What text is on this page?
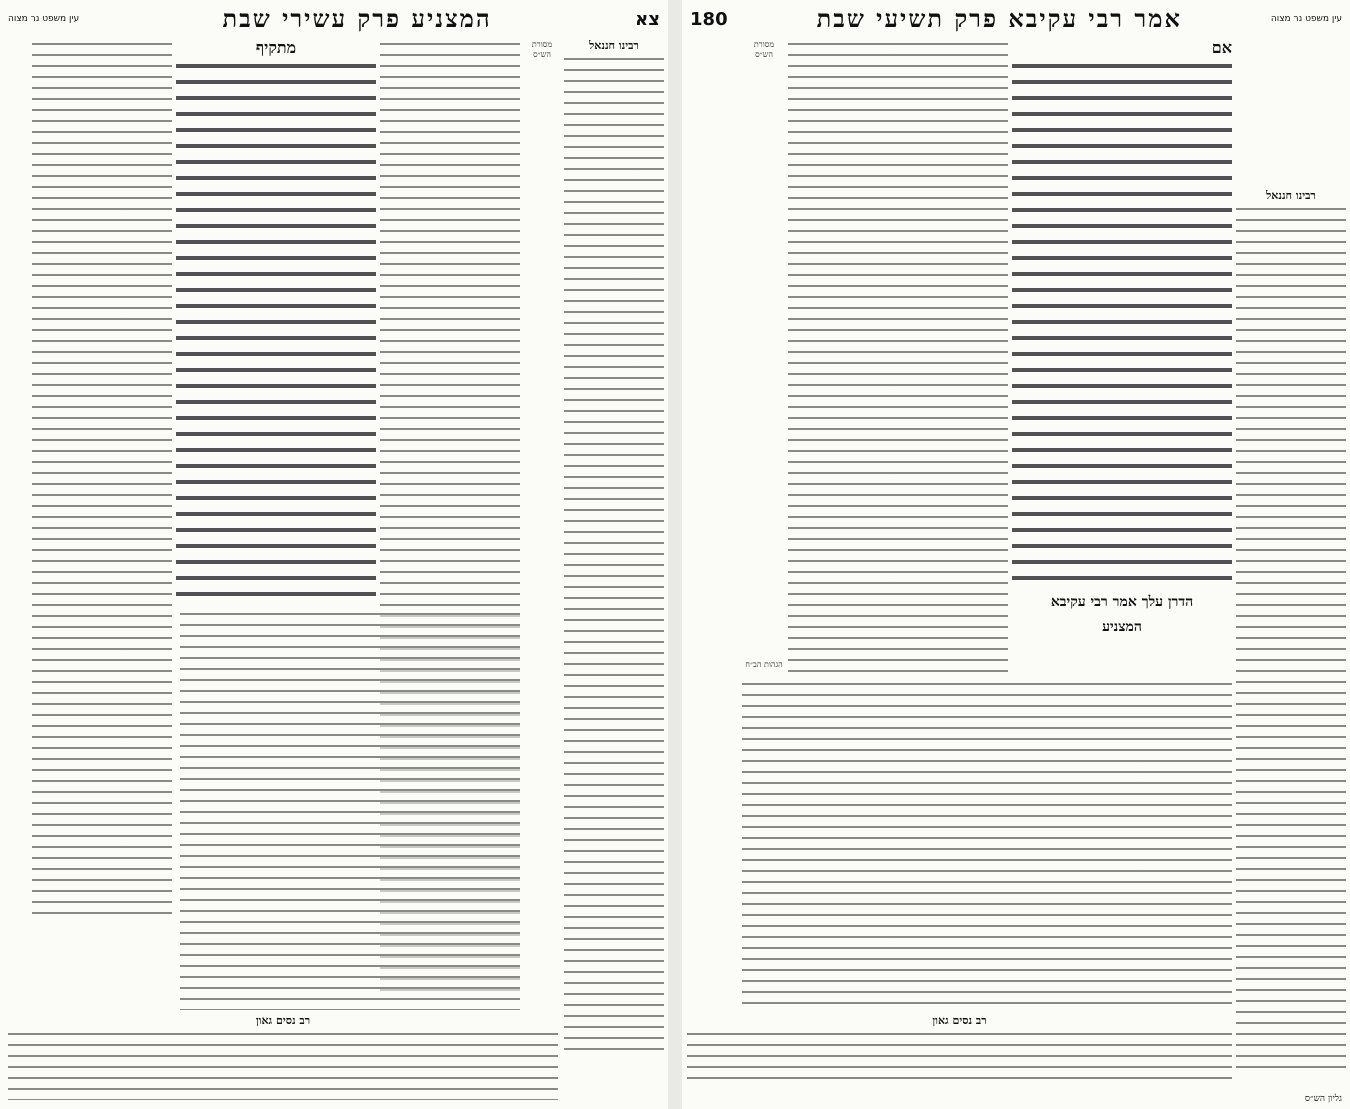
צא
המצניע פרק עשירי שבת
עין משפט נר מצוה
רבינו חננאל
מסורת הש״ס
מתקיף
רב נסים גאון
עין משפט נר מצוה
אמר רבי עקיבא פרק תשיעי שבת
180
רבינו חננאל
אם
מסורת הש״ס
הגהות הב״ח
הדרן עלך אמר רבי עקיבא
המצניע
רב נסים גאון
גליון הש״ס
